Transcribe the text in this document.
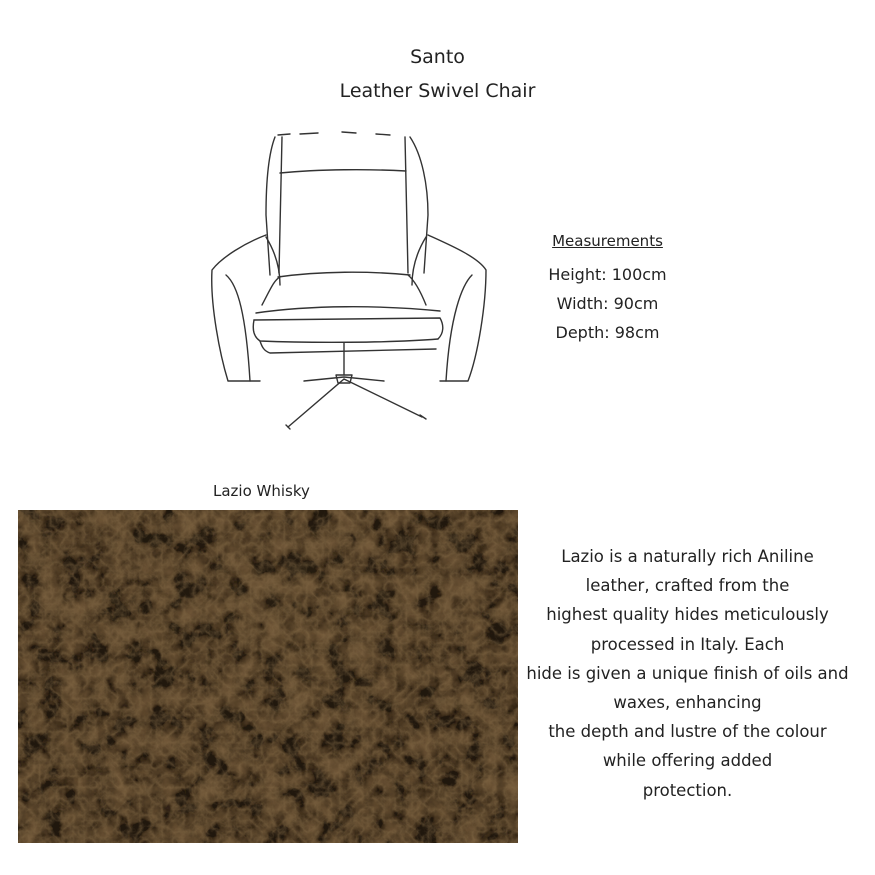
Santo
Leather Swivel Chair
Measurements
Height: 100cm
Width: 90cm
Depth: 98cm
Lazio Whisky
Lazio is a naturally rich Aniline
leather, crafted from the
highest quality hides meticulously
processed in Italy. Each
hide is given a unique finish of oils and
waxes, enhancing
the depth and lustre of the colour
while offering added
protection.
